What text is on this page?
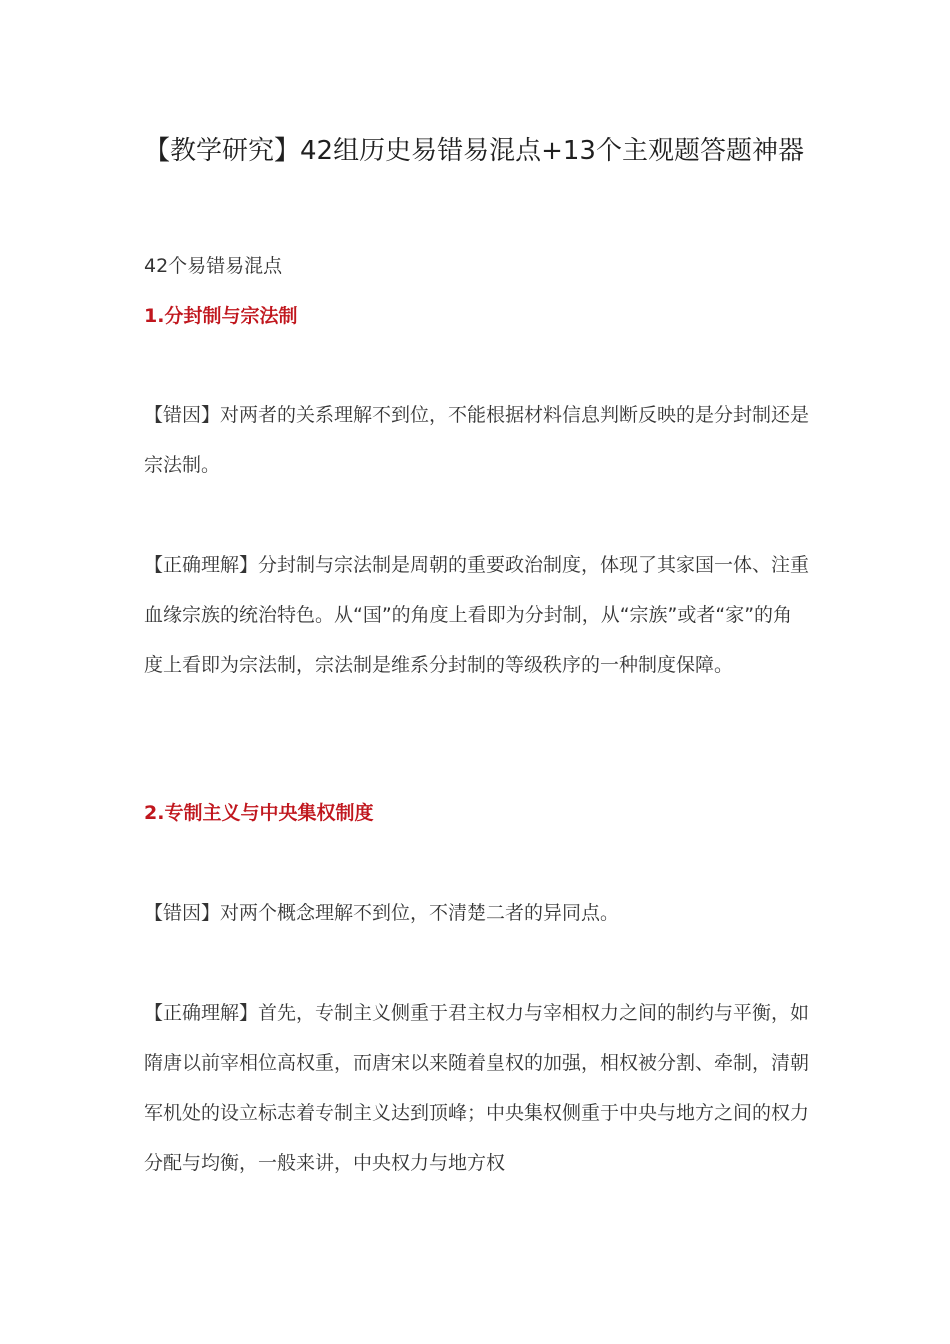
【教学研究】42组历史易错易混点+13个主观题答题神器
42个易错易混点
1.分封制与宗法制

【错因】对两者的关系理解不到位，不能根据材料信息判断反映的是分封制还是宗法制。

【正确理解】分封制与宗法制是周朝的重要政治制度，体现了其家国一体、注重血缘宗族的统治特色。从“国”的角度上看即为分封制，从“宗族”或者“家”的角度上看即为宗法制，宗法制是维系分封制的等级秩序的一种制度保障。

2.专制主义与中央集权制度

【错因】对两个概念理解不到位，不清楚二者的异同点。

【正确理解】首先，专制主义侧重于君主权力与宰相权力之间的制约与平衡，如隋唐以前宰相位高权重，而唐宋以来随着皇权的加强，相权被分割、牵制，清朝军机处的设立标志着专制主义达到顶峰；中央集权侧重于中央与地方之间的权力分配与均衡，一般来讲，中央权力与地方权
